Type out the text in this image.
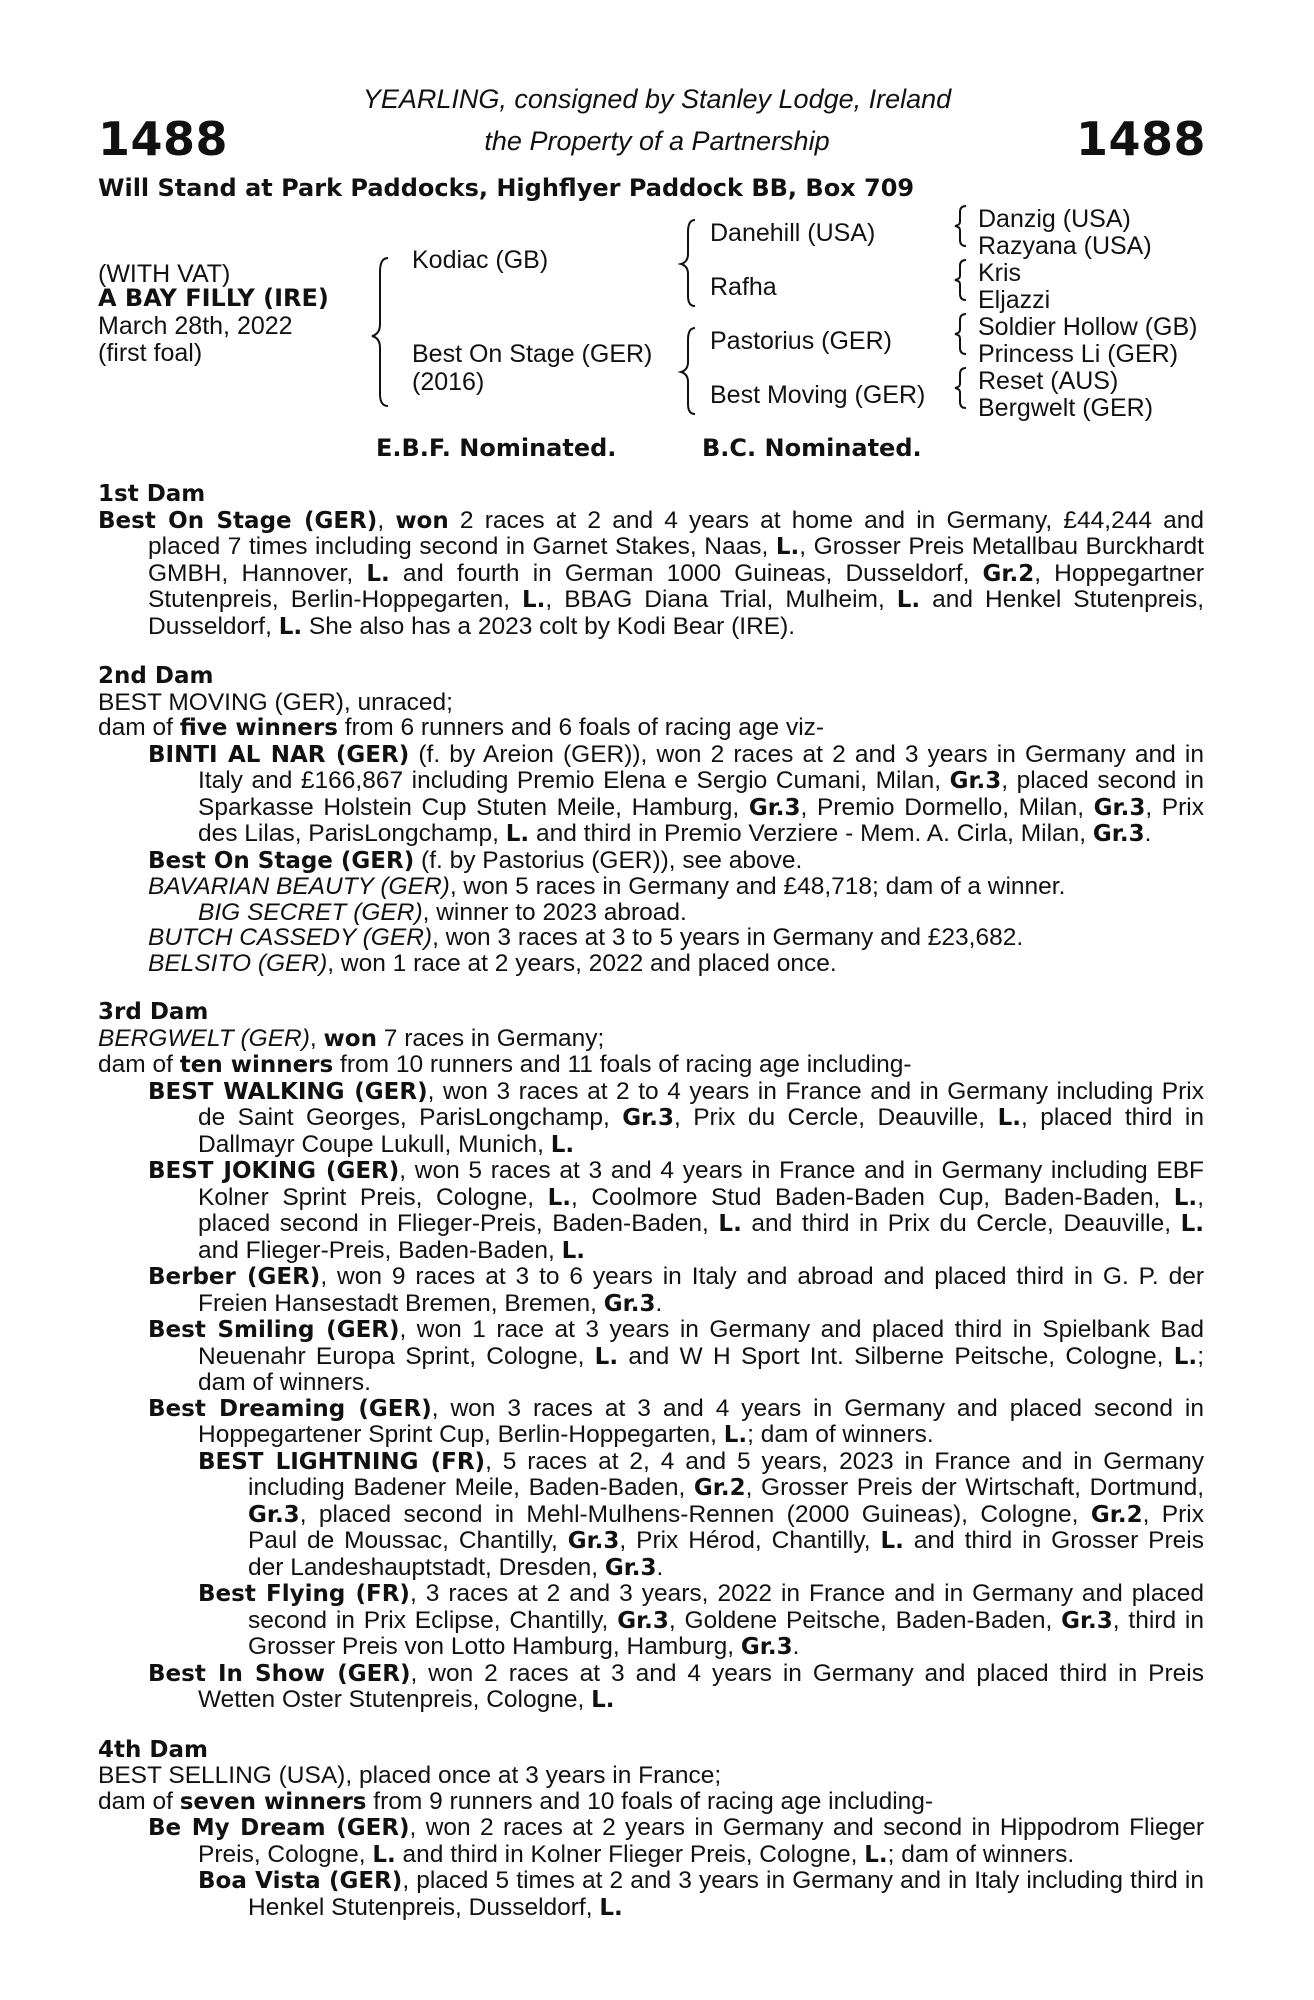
1488	1488
YEARLING, consigned by Stanley Lodge, Ireland
the Property of a Partnership
Will Stand at Park Paddocks, Highflyer Paddock BB, Box 709
(WITH VAT)
A BAY FILLY (IRE)
March 28th, 2022
(first foal)
Kodiac (GB)
Best On Stage (GER)
(2016)
Danehill (USA)
Rafha
Pastorius (GER)
Best Moving (GER)
Danzig (USA)
Razyana (USA)
Kris
Eljazzi
Soldier Hollow (GB)
Princess Li (GER)
Reset (AUS)
Bergwelt (GER)
E.B.F. Nominated.	B.C. Nominated.
1st Dam
Best On Stage (GER), won 2 races at 2 and 4 years at home and in Germany, £44,244 and placed 7 times including second in Garnet Stakes, Naas, L., Grosser Preis Metallbau Burckhardt GMBH, Hannover, L. and fourth in German 1000 Guineas, Dusseldorf, Gr.2, Hoppegartner Stutenpreis, Berlin-Hoppegarten, L., BBAG Diana Trial, Mulheim, L. and Henkel Stutenpreis, Dusseldorf, L. She also has a 2023 colt by Kodi Bear (IRE).
2nd Dam
BEST MOVING (GER), unraced;
dam of five winners from 6 runners and 6 foals of racing age viz-
BINTI AL NAR (GER) (f. by Areion (GER)), won 2 races at 2 and 3 years in Germany and in Italy and £166,867 including Premio Elena e Sergio Cumani, Milan, Gr.3, placed second in Sparkasse Holstein Cup Stuten Meile, Hamburg, Gr.3, Premio Dormello, Milan, Gr.3, Prix des Lilas, ParisLongchamp, L. and third in Premio Verziere - Mem. A. Cirla, Milan, Gr.3.
Best On Stage (GER) (f. by Pastorius (GER)), see above.
BAVARIAN BEAUTY (GER), won 5 races in Germany and £48,718; dam of a winner.
BIG SECRET (GER), winner to 2023 abroad.
BUTCH CASSEDY (GER), won 3 races at 3 to 5 years in Germany and £23,682.
BELSITO (GER), won 1 race at 2 years, 2022 and placed once.
3rd Dam
BERGWELT (GER), won 7 races in Germany;
dam of ten winners from 10 runners and 11 foals of racing age including-
BEST WALKING (GER), won 3 races at 2 to 4 years in France and in Germany including Prix de Saint Georges, ParisLongchamp, Gr.3, Prix du Cercle, Deauville, L., placed third in Dallmayr Coupe Lukull, Munich, L.
BEST JOKING (GER), won 5 races at 3 and 4 years in France and in Germany including EBF Kolner Sprint Preis, Cologne, L., Coolmore Stud Baden-Baden Cup, Baden-Baden, L., placed second in Flieger-Preis, Baden-Baden, L. and third in Prix du Cercle, Deauville, L. and Flieger-Preis, Baden-Baden, L.
Berber (GER), won 9 races at 3 to 6 years in Italy and abroad and placed third in G. P. der Freien Hansestadt Bremen, Bremen, Gr.3.
Best Smiling (GER), won 1 race at 3 years in Germany and placed third in Spielbank Bad Neuenahr Europa Sprint, Cologne, L. and W H Sport Int. Silberne Peitsche, Cologne, L.; dam of winners.
Best Dreaming (GER), won 3 races at 3 and 4 years in Germany and placed second in Hoppegartener Sprint Cup, Berlin-Hoppegarten, L.; dam of winners.
BEST LIGHTNING (FR), 5 races at 2, 4 and 5 years, 2023 in France and in Germany including Badener Meile, Baden-Baden, Gr.2, Grosser Preis der Wirtschaft, Dortmund, Gr.3, placed second in Mehl-Mulhens-Rennen (2000 Guineas), Cologne, Gr.2, Prix Paul de Moussac, Chantilly, Gr.3, Prix Hérod, Chantilly, L. and third in Grosser Preis der Landeshauptstadt, Dresden, Gr.3.
Best Flying (FR), 3 races at 2 and 3 years, 2022 in France and in Germany and placed second in Prix Eclipse, Chantilly, Gr.3, Goldene Peitsche, Baden-Baden, Gr.3, third in Grosser Preis von Lotto Hamburg, Hamburg, Gr.3.
Best In Show (GER), won 2 races at 3 and 4 years in Germany and placed third in Preis Wetten Oster Stutenpreis, Cologne, L.
4th Dam
BEST SELLING (USA), placed once at 3 years in France;
dam of seven winners from 9 runners and 10 foals of racing age including-
Be My Dream (GER), won 2 races at 2 years in Germany and second in Hippodrom Flieger Preis, Cologne, L. and third in Kolner Flieger Preis, Cologne, L.; dam of winners.
Boa Vista (GER), placed 5 times at 2 and 3 years in Germany and in Italy including third in Henkel Stutenpreis, Dusseldorf, L.
